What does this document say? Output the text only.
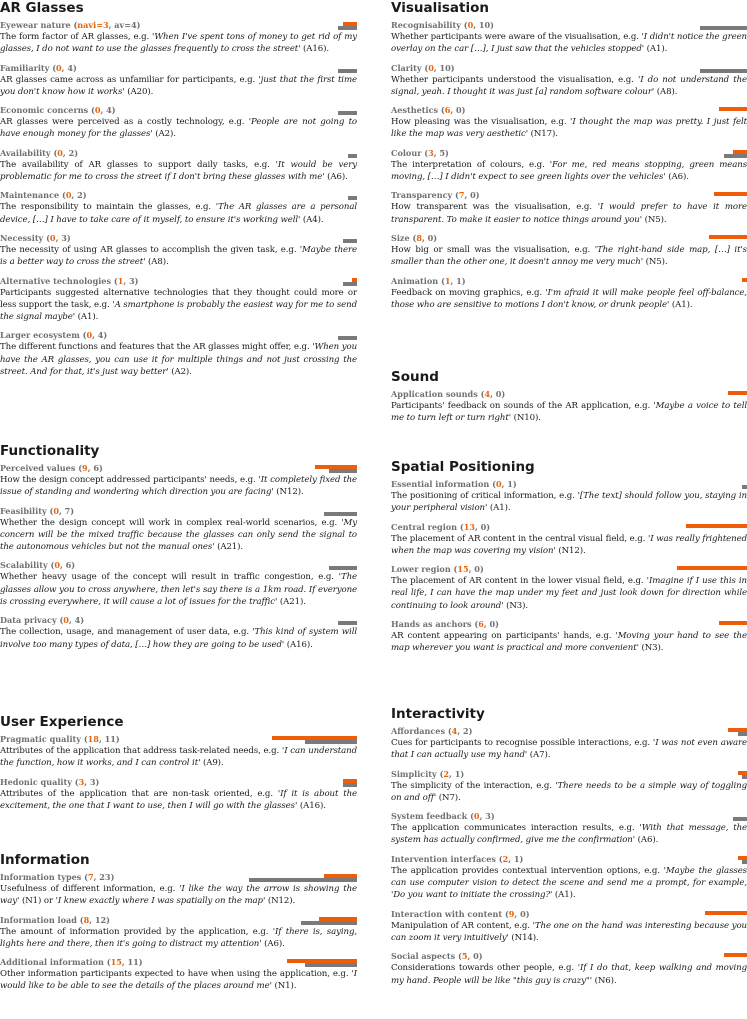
AR Glasses
Eyewear nature (navi=3, av=4)

The form factor of AR glasses, e.g. 'When I've spent tons of money to get rid of my glasses, I do not want to use the glasses frequently to cross the street' (A16).

Familiarity (0, 4)

AR glasses came across as unfamiliar for participants, e.g. 'just that the first time you don't know how it works' (A20).

Economic concerns (0, 4)

AR glasses were perceived as a costly technology, e.g. 'People are not going to have enough money for the glasses' (A2).

Availability (0, 2)

The availability of AR glasses to support daily tasks, e.g. 'It would be very problematic for me to cross the street if I don't bring these glasses with me' (A6).

Maintenance (0, 2)

The responsibility to maintain the glasses, e.g. 'The AR glasses are a personal device, […] I have to take care of it myself, to ensure it's working well' (A4).

Necessity (0, 3)

The necessity of using AR glasses to accomplish the given task, e.g. 'Maybe there is a better way to cross the street' (A8).

Alternative technologies (1, 3)

Participants suggested alternative technologies that they thought could more or less support the task, e.g. 'A smartphone is probably the easiest way for me to send the signal maybe' (A1).

Larger ecosystem (0, 4)

The different functions and features that the AR glasses might offer, e.g. 'When you have the AR glasses, you can use it for multiple things and not just crossing the street. And for that, it's just way better' (A2).

Functionality
Perceived values (9, 6)

How the design concept addressed participants' needs, e.g. 'It completely fixed the issue of standing and wondering which direction you are facing' (N12).

Feasibility (0, 7)

Whether the design concept will work in complex real-world scenarios, e.g. 'My concern will be the mixed traffic because the glasses can only send the signal to the autonomous vehicles but not the manual ones' (A21).

Scalability (0, 6)

Whether heavy usage of the concept will result in traffic congestion, e.g. 'The glasses allow you to cross anywhere, then let's say there is a 1km road. If everyone is crossing everywhere, it will cause a lot of issues for the traffic' (A21).

Data privacy (0, 4)

The collection, usage, and management of user data, e.g. 'This kind of system will involve too many types of data, […] how they are going to be used' (A16).

User Experience
Pragmatic quality (18, 11)

Attributes of the application that address task-related needs, e.g. 'I can understand the function, how it works, and I can control it' (A9).

Hedonic quality (3, 3)

Attributes of the application that are non-task oriented, e.g. 'If it is about the excitement, the one that I want to use, then I will go with the glasses' (A16).

Information
Information types (7, 23)

Usefulness of different information, e.g. 'I like the way the arrow is showing the way' (N1) or 'I knew exactly where I was spatially on the map' (N12).

Information load (8, 12)

The amount of information provided by the application, e.g. 'If there is, saying, lights here and there, then it's going to distract my attention' (A6).

Additional information (15, 11)

Other information participants expected to have when using the application, e.g. 'I would like to be able to see the details of the places around me' (N1).

Visualisation
Recognisability (0, 10)

Whether participants were aware of the visualisation, e.g. 'I didn't notice the green overlay on the car […], I just saw that the vehicles stopped' (A1).

Clarity (0, 10)

Whether participants understood the visualisation, e.g. 'I do not understand the signal, yeah. I thought it was just [a] random software colour' (A8).

Aesthetics (6, 0)

How pleasing was the visualisation, e.g. 'I thought the map was pretty. I just felt like the map was very aesthetic' (N17).

Colour (3, 5)

The interpretation of colours, e.g. 'For me, red means stopping, green means moving, […] I didn't expect to see green lights over the vehicles' (A6).

Transparency (7, 0)

How transparent was the visualisation, e.g. 'I would prefer to have it more transparent. To make it easier to notice things around you' (N5).

Size (8, 0)

How big or small was the visualisation, e.g. 'The right-hand side map, […] it's smaller than the other one, it doesn't annoy me very much' (N5).

Animation (1, 1)

Feedback on moving graphics, e.g. 'I'm afraid it will make people feel off-balance, those who are sensitive to motions I don't know, or drunk people' (A1).

Sound
Application sounds (4, 0)

Participants' feedback on sounds of the AR application, e.g. 'Maybe a voice to tell me to turn left or turn right' (N10).

Spatial Positioning
Essential information (0, 1)

The positioning of critical information, e.g. '[The text] should follow you, staying in your peripheral vision' (A1).

Central region (13, 0)

The placement of AR content in the central visual field, e.g. 'I was really frightened when the map was covering my vision' (N12).

Lower region (15, 0)

The placement of AR content in the lower visual field, e.g. 'Imagine if I use this in real life, I can have the map under my feet and just look down for direction while continuing to look around' (N3).

Hands as anchors (6, 0)

AR content appearing on participants' hands, e.g. 'Moving your hand to see the map wherever you want is practical and more convenient' (N3).

Interactivity
Affordances (4, 2)

Cues for participants to recognise possible interactions, e.g. 'I was not even aware that I can actually use my hand' (A7).

Simplicity (2, 1)

The simplicity of the interaction, e.g. 'There needs to be a simple way of toggling on and off' (N7).

System feedback (0, 3)

The application communicates interaction results, e.g. 'With that message, the system has actually confirmed, give me the confirmation' (A6).

Intervention interfaces (2, 1)

The application provides contextual intervention options, e.g. 'Maybe the glasses can use computer vision to detect the scene and send me a prompt, for example, 'Do you want to initiate the crossing?' (A1).

Interaction with content (9, 0)

Manipulation of AR content, e.g. 'The one on the hand was interesting because you can zoom it very intuitively' (N14).

Social aspects (5, 0)

Considerations towards other people, e.g. 'If I do that, keep walking and moving my hand. People will be like "this guy is crazy"' (N6).
